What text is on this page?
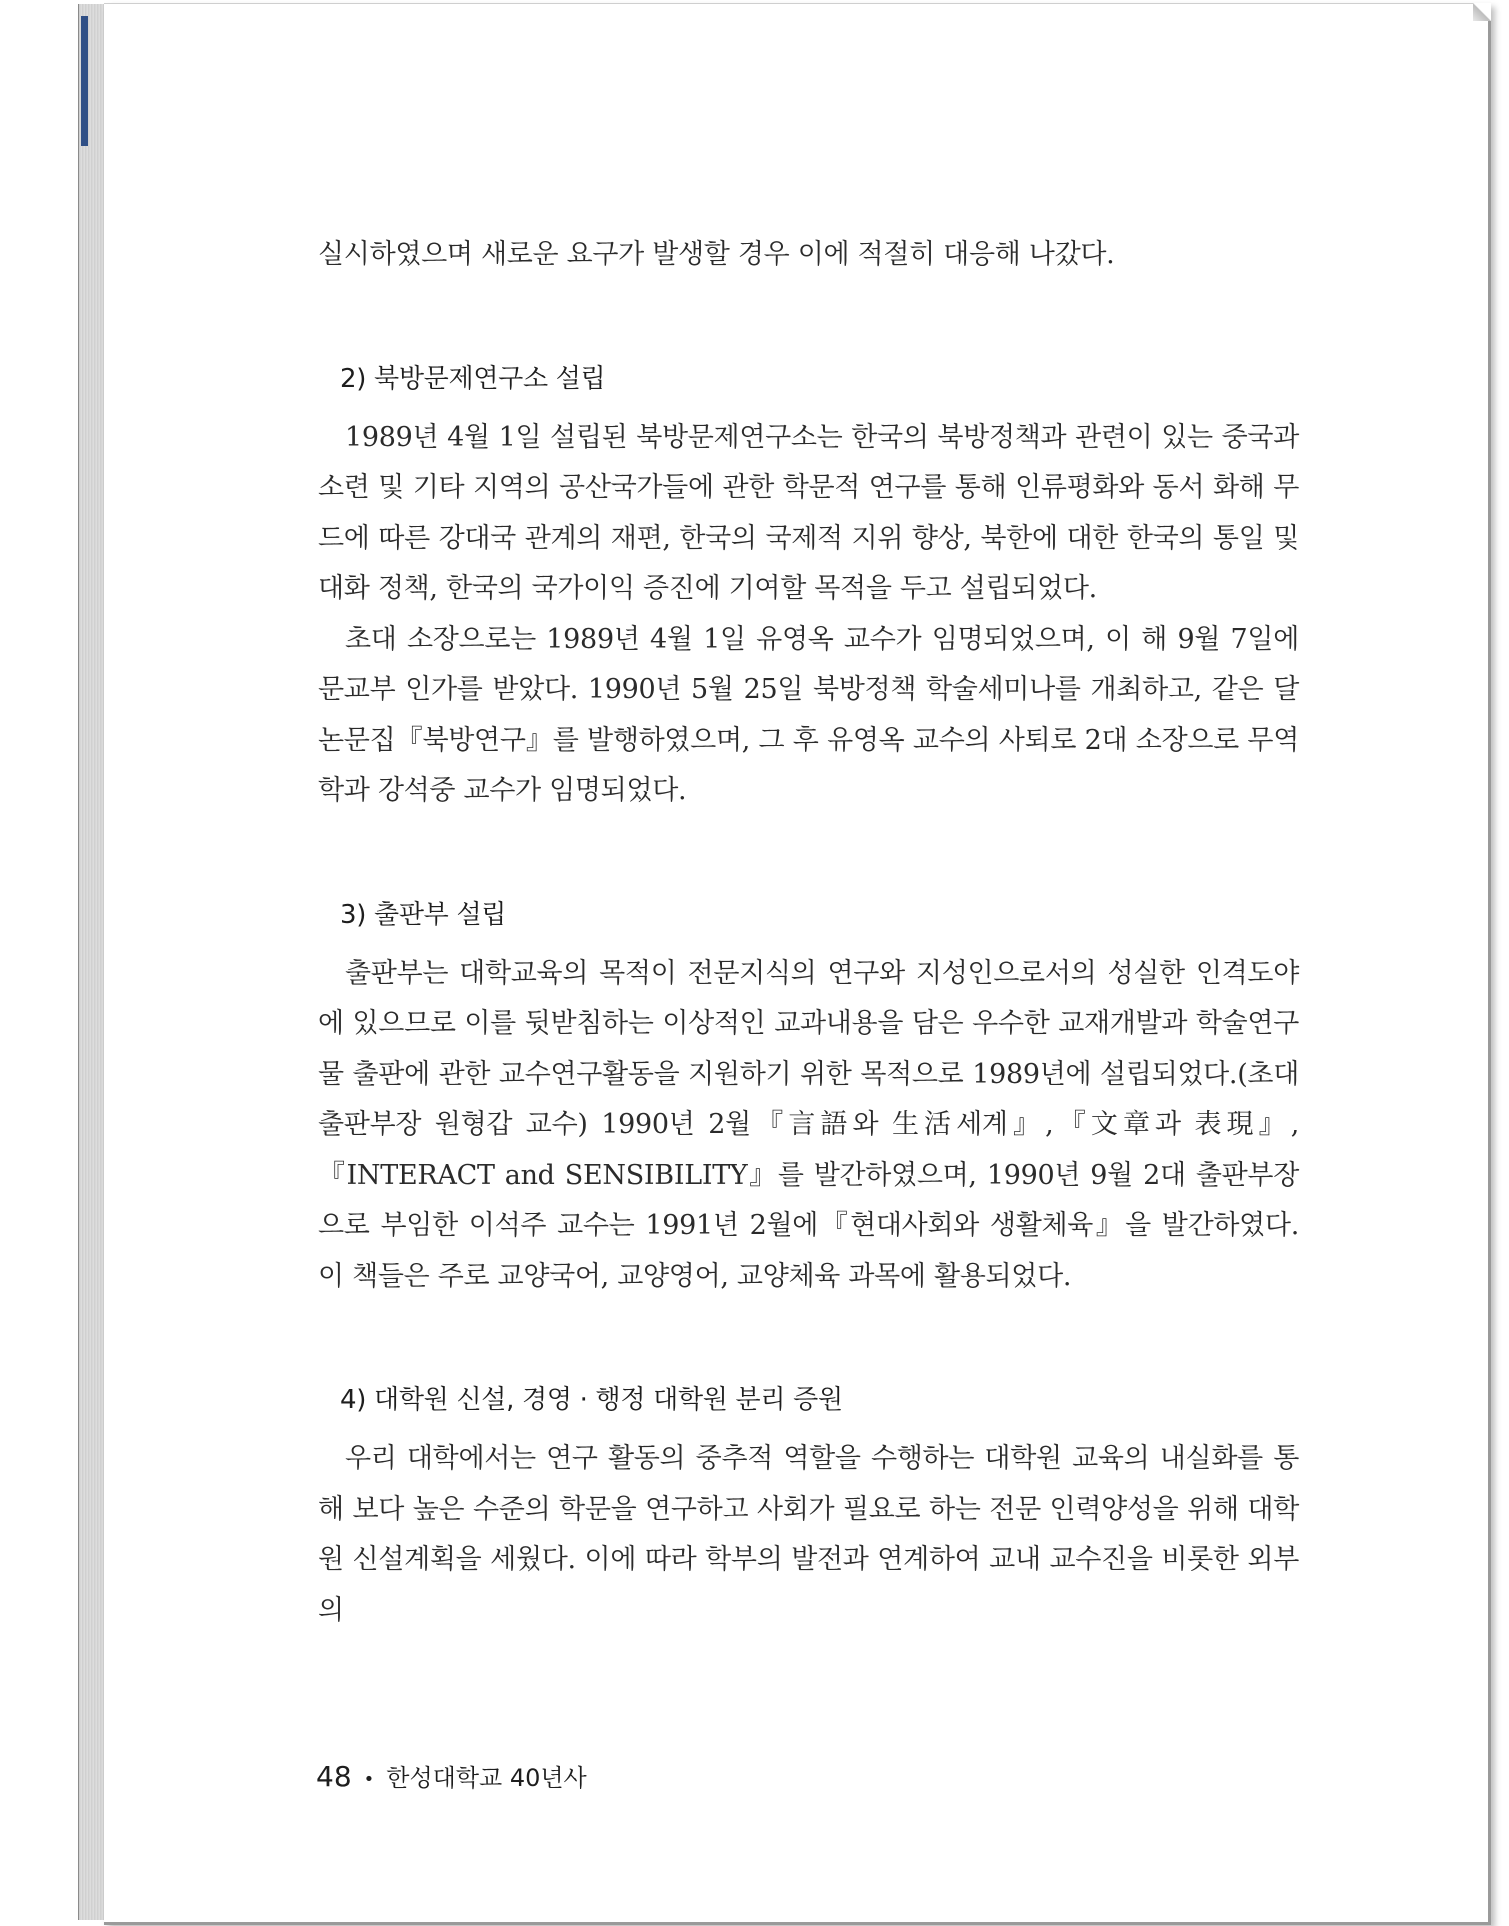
실시하였으며 새로운 요구가 발생할 경우 이에 적절히 대응해 나갔다.

2) 북방문제연구소 설립

1989년 4월 1일 설립된 북방문제연구소는 한국의 북방정책과 관련이 있는 중국과 소련 및 기타 지역의 공산국가들에 관한 학문적 연구를 통해 인류평화와 동서 화해 무드에 따른 강대국 관계의 재편, 한국의 국제적 지위 향상, 북한에 대한 한국의 통일 및 대화 정책, 한국의 국가이익 증진에 기여할 목적을 두고 설립되었다.

초대 소장으로는 1989년 4월 1일 유영옥 교수가 임명되었으며, 이 해 9월 7일에 문교부 인가를 받았다. 1990년 5월 25일 북방정책 학술세미나를 개최하고, 같은 달 논문집『북방연구』를 발행하였으며, 그 후 유영옥 교수의 사퇴로 2대 소장으로 무역학과 강석중 교수가 임명되었다.

3) 출판부 설립

출판부는 대학교육의 목적이 전문지식의 연구와 지성인으로서의 성실한 인격도야에 있으므로 이를 뒷받침하는 이상적인 교과내용을 담은 우수한 교재개발과 학술연구물 출판에 관한 교수연구활동을 지원하기 위한 목적으로 1989년에 설립되었다.(초대 출판부장 원형갑 교수) 1990년 2월『言語와 生活세계』,『文章과 表現』,『INTERACT and SENSIBILITY』를 발간하였으며, 1990년 9월 2대 출판부장으로 부임한 이석주 교수는 1991년 2월에『현대사회와 생활체육』을 발간하였다. 이 책들은 주로 교양국어, 교양영어, 교양체육 과목에 활용되었다.

4) 대학원 신설, 경영 · 행정 대학원 분리 증원

우리 대학에서는 연구 활동의 중추적 역할을 수행하는 대학원 교육의 내실화를 통해 보다 높은 수준의 학문을 연구하고 사회가 필요로 하는 전문 인력양성을 위해 대학원 신설계획을 세웠다. 이에 따라 학부의 발전과 연계하여 교내 교수진을 비롯한 외부의

48 • 한성대학교 40년사
